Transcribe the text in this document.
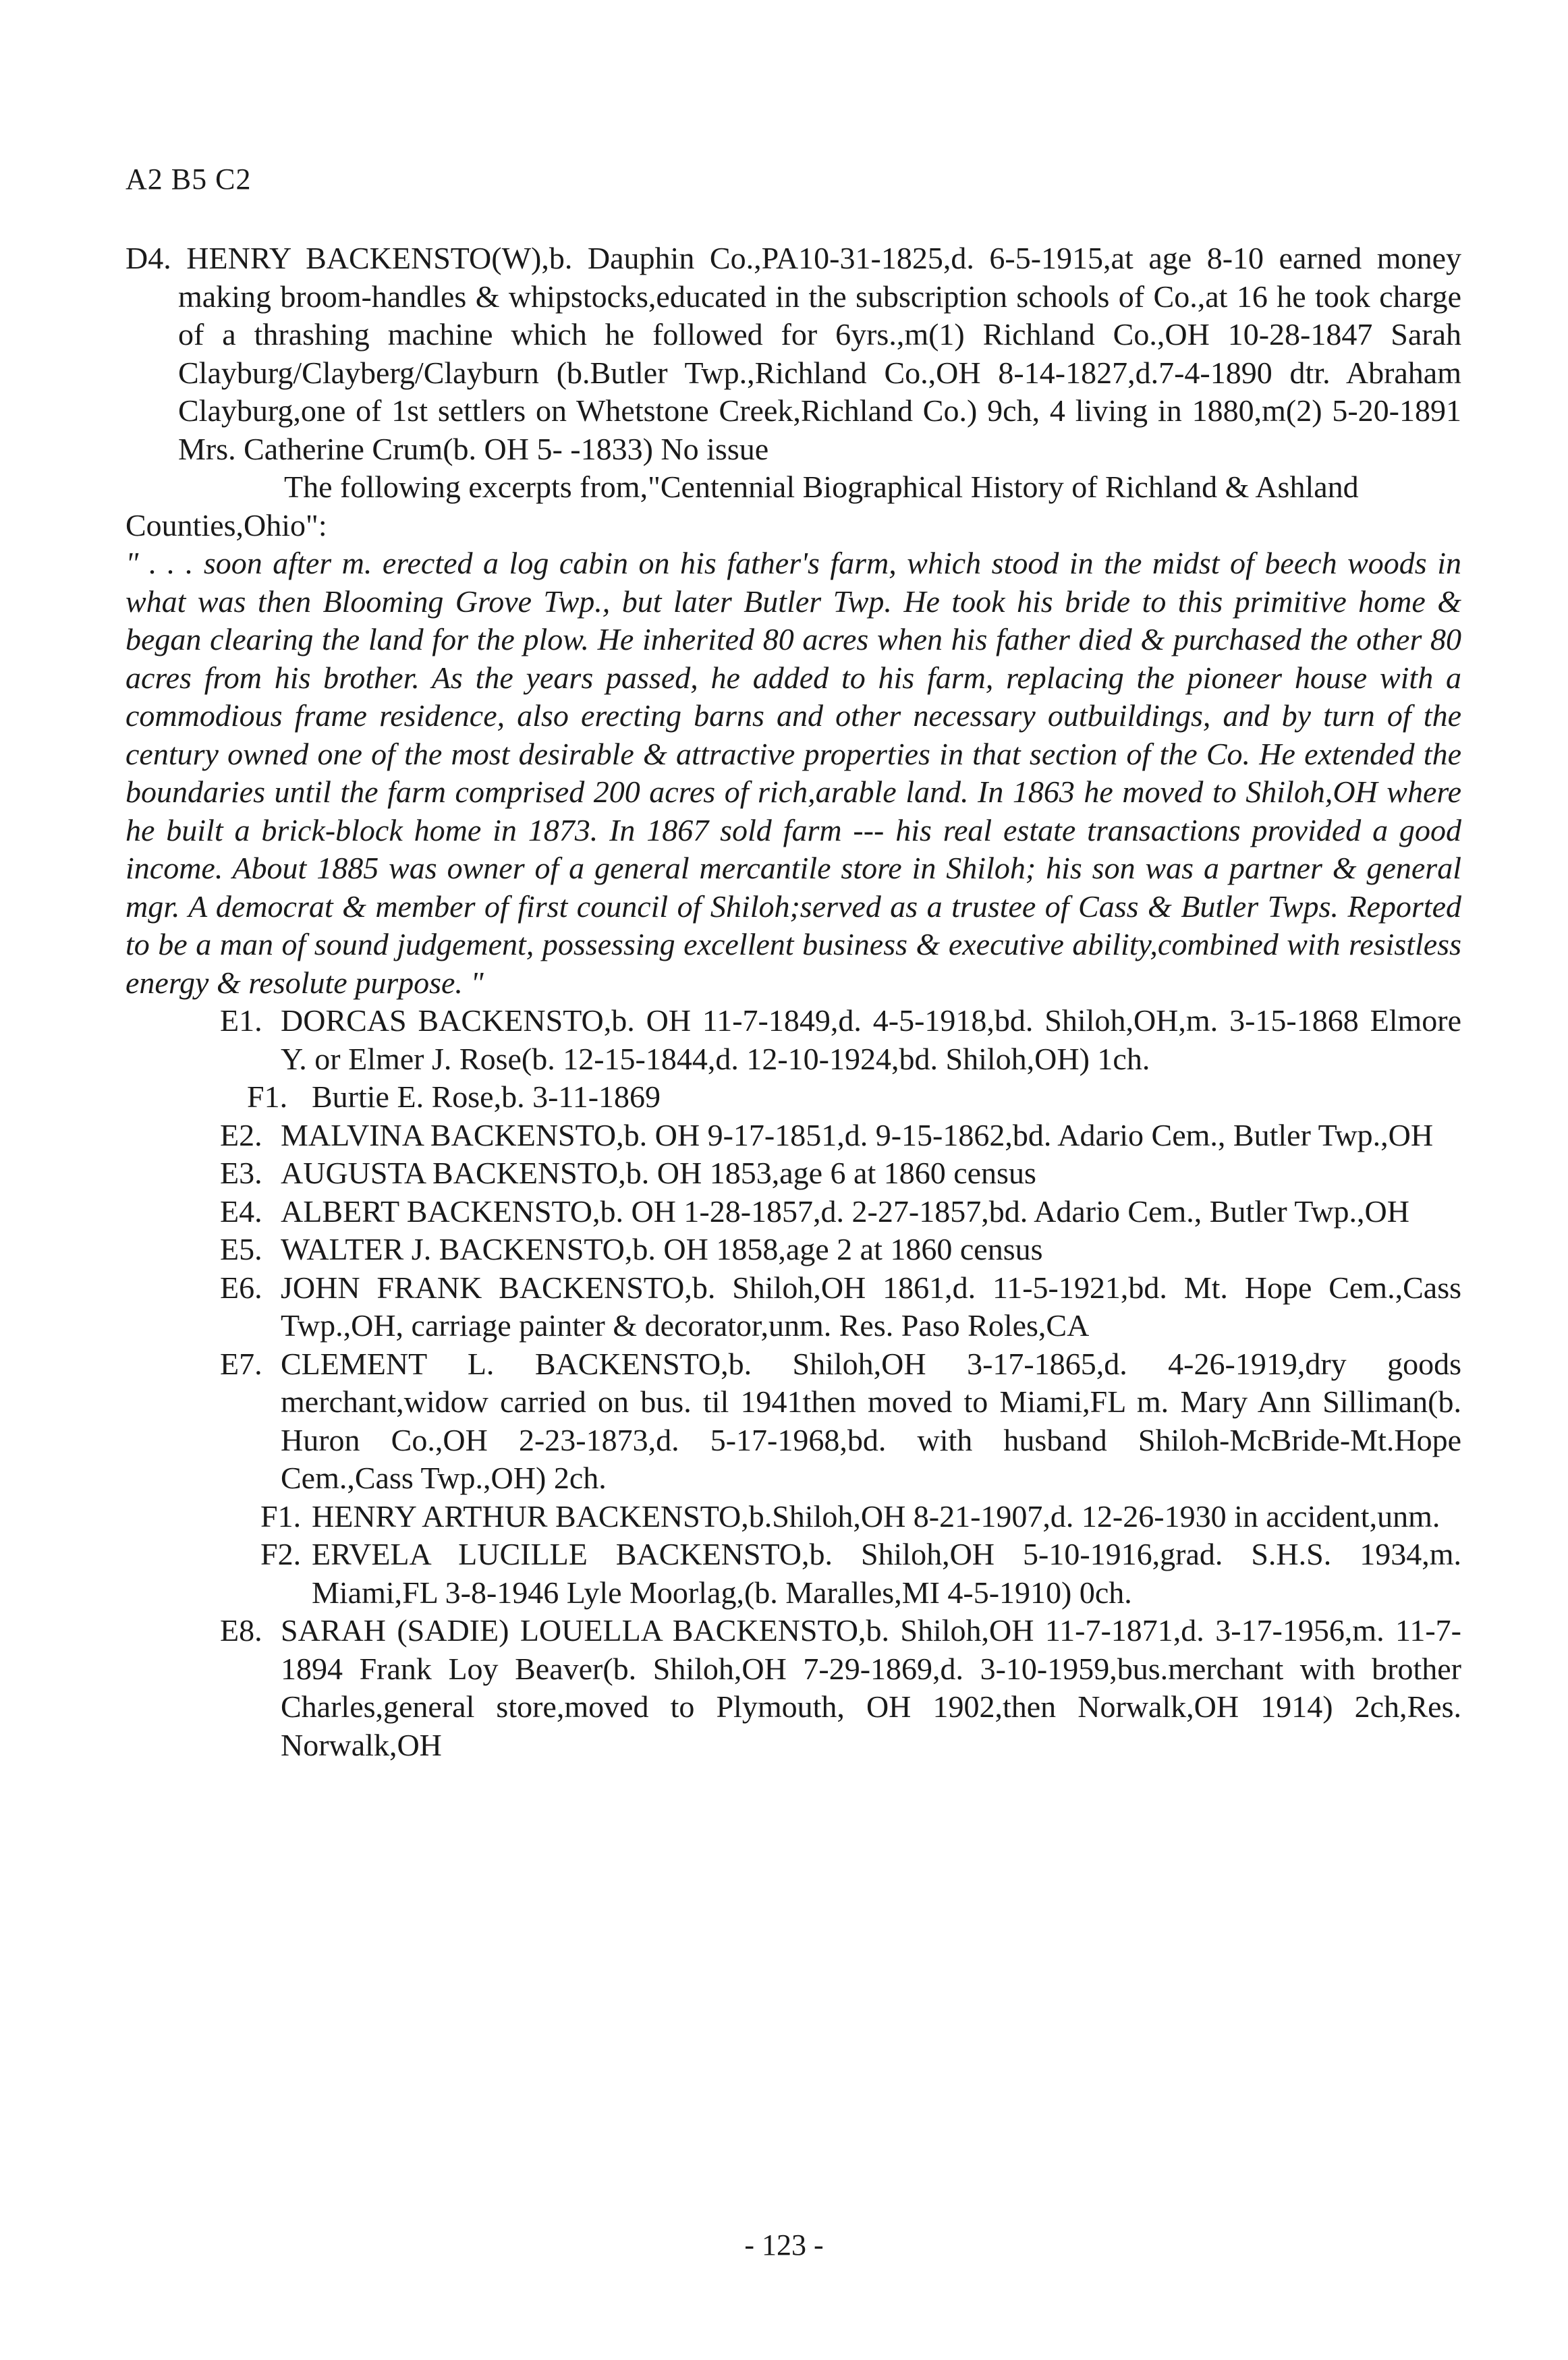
A2 B5 C2
D4. HENRY BACKENSTO(W),b. Dauphin Co.,PA10-31-1825,d. 6-5-1915,at age 8-10 earned money making broom-handles & whipstocks,educated in the subscription schools of Co.,at 16 he took charge of a thrashing machine which he followed for 6yrs.,m(1) Richland Co.,OH 10-28-1847 Sarah Clayburg/Clayberg/Clayburn (b.Butler Twp.,Richland Co.,OH 8-14-1827,d.7-4-1890 dtr. Abraham Clayburg,one of 1st settlers on Whetstone Creek,Richland Co.) 9ch, 4 living in 1880,m(2) 5-20-1891 Mrs. Catherine Crum(b. OH 5- -1833) No issue
The following excerpts from,"Centennial Biographical History of Richland & Ashland Counties,Ohio":
" . . . soon after m. erected a log cabin on his father's farm, which stood in the midst of beech woods in what was then Blooming Grove Twp., but later Butler Twp. He took his bride to this primitive home & began clearing the land for the plow. He inherited 80 acres when his father died & purchased the other 80 acres from his brother. As the years passed, he added to his farm, replacing the pioneer house with a commodious frame residence, also erecting barns and other necessary outbuildings, and by turn of the century owned one of the most desirable & attractive properties in that section of the Co. He extended the boundaries until the farm comprised 200 acres of rich,arable land. In 1863 he moved to Shiloh,OH where he built a brick-block home in 1873. In 1867 sold farm --- his real estate transactions provided a good income. About 1885 was owner of a general mercantile store in Shiloh; his son was a partner & general mgr. A democrat & member of first council of Shiloh;served as a trustee of Cass & Butler Twps. Reported to be a man of sound judgement, possessing excellent business & executive ability,combined with resistless energy & resolute purpose. "
E1. DORCAS BACKENSTO,b. OH 11-7-1849,d. 4-5-1918,bd. Shiloh,OH,m. 3-15-1868 Elmore Y. or Elmer J. Rose(b. 12-15-1844,d. 12-10-1924,bd. Shiloh,OH) 1ch.
F1. Burtie E. Rose,b. 3-11-1869
E2. MALVINA BACKENSTO,b. OH 9-17-1851,d. 9-15-1862,bd. Adario Cem., Butler Twp.,OH
E3. AUGUSTA BACKENSTO,b. OH 1853,age 6 at 1860 census
E4. ALBERT BACKENSTO,b. OH 1-28-1857,d. 2-27-1857,bd. Adario Cem., Butler Twp.,OH
E5. WALTER J. BACKENSTO,b. OH 1858,age 2 at 1860 census
E6. JOHN FRANK BACKENSTO,b. Shiloh,OH 1861,d. 11-5-1921,bd. Mt. Hope Cem.,Cass Twp.,OH, carriage painter & decorator,unm. Res. Paso Roles,CA
E7. CLEMENT L. BACKENSTO,b. Shiloh,OH 3-17-1865,d. 4-26-1919,dry goods merchant,widow carried on bus. til 1941then moved to Miami,FL m. Mary Ann Silliman(b. Huron Co.,OH 2-23-1873,d. 5-17-1968,bd. with husband Shiloh-McBride-Mt.Hope Cem.,Cass Twp.,OH) 2ch.
F1. HENRY ARTHUR BACKENSTO,b.Shiloh,OH 8-21-1907,d. 12-26-1930 in accident,unm.
F2. ERVELA LUCILLE BACKENSTO,b. Shiloh,OH 5-10-1916,grad. S.H.S. 1934,m. Miami,FL 3-8-1946 Lyle Moorlag,(b. Maralles,MI 4-5-1910) 0ch.
E8. SARAH (SADIE) LOUELLA BACKENSTO,b. Shiloh,OH 11-7-1871,d. 3-17-1956,m. 11-7-1894 Frank Loy Beaver(b. Shiloh,OH 7-29-1869,d. 3-10-1959,bus.merchant with brother Charles,general store,moved to Plymouth, OH 1902,then Norwalk,OH 1914) 2ch,Res. Norwalk,OH
- 123 -
